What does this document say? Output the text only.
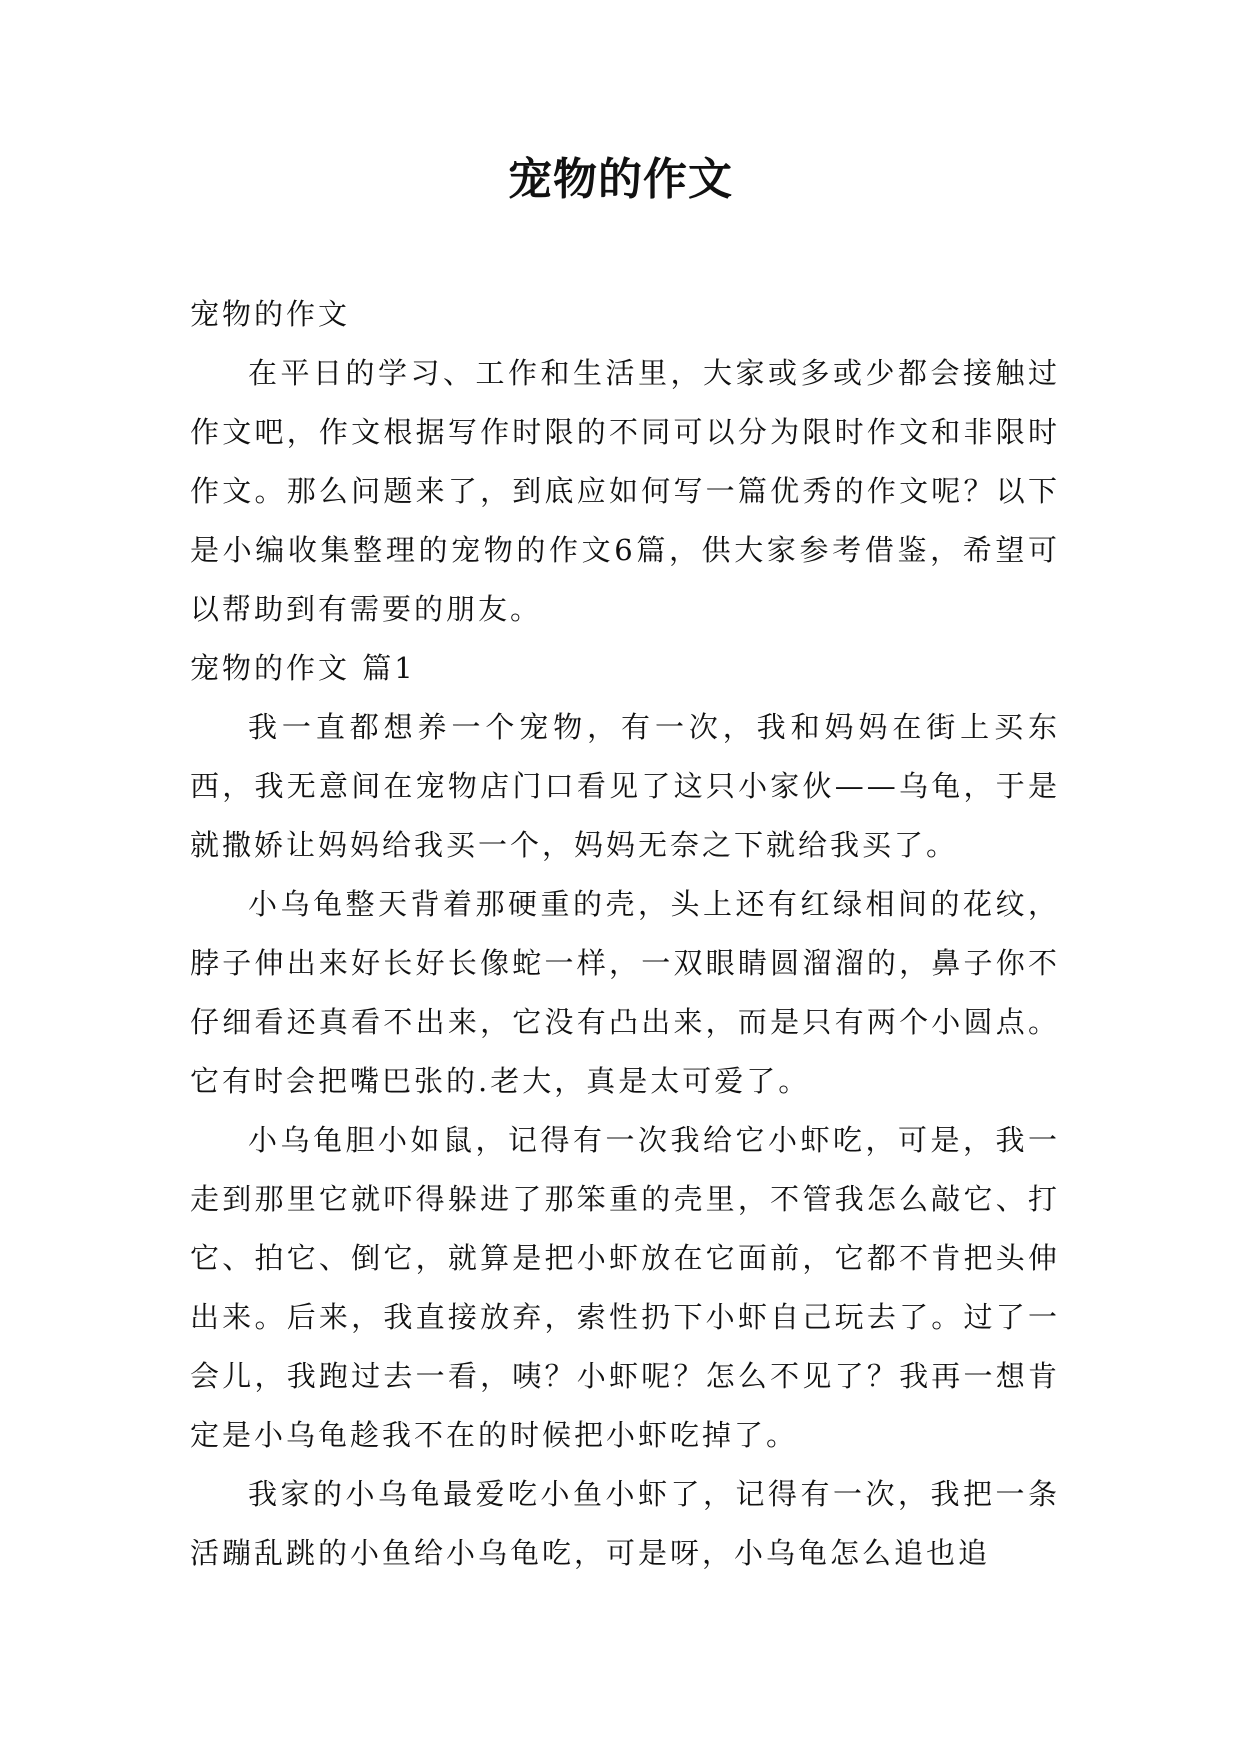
宠物的作文

宠物的作文

在平日的学习、工作和生活里，大家或多或少都会接触过作文吧，作文根据写作时限的不同可以分为限时作文和非限时作文。那么问题来了，到底应如何写一篇优秀的作文呢？以下是小编收集整理的宠物的作文6篇，供大家参考借鉴，希望可以帮助到有需要的朋友。

宠物的作文 篇1

我一直都想养一个宠物，有一次，我和妈妈在街上买东西，我无意间在宠物店门口看见了这只小家伙——乌龟，于是就撒娇让妈妈给我买一个，妈妈无奈之下就给我买了。

小乌龟整天背着那硬重的壳，头上还有红绿相间的花纹，脖子伸出来好长好长像蛇一样，一双眼睛圆溜溜的，鼻子你不仔细看还真看不出来，它没有凸出来，而是只有两个小圆点。它有时会把嘴巴张的.老大，真是太可爱了。

小乌龟胆小如鼠，记得有一次我给它小虾吃，可是，我一走到那里它就吓得躲进了那笨重的壳里，不管我怎么敲它、打它、拍它、倒它，就算是把小虾放在它面前，它都不肯把头伸出来。后来，我直接放弃，索性扔下小虾自己玩去了。过了一会儿，我跑过去一看，咦？小虾呢？怎么不见了？我再一想肯定是小乌龟趁我不在的时候把小虾吃掉了。

我家的小乌龟最爱吃小鱼小虾了，记得有一次，我把一条活蹦乱跳的小鱼给小乌龟吃，可是呀，小乌龟怎么追也追
